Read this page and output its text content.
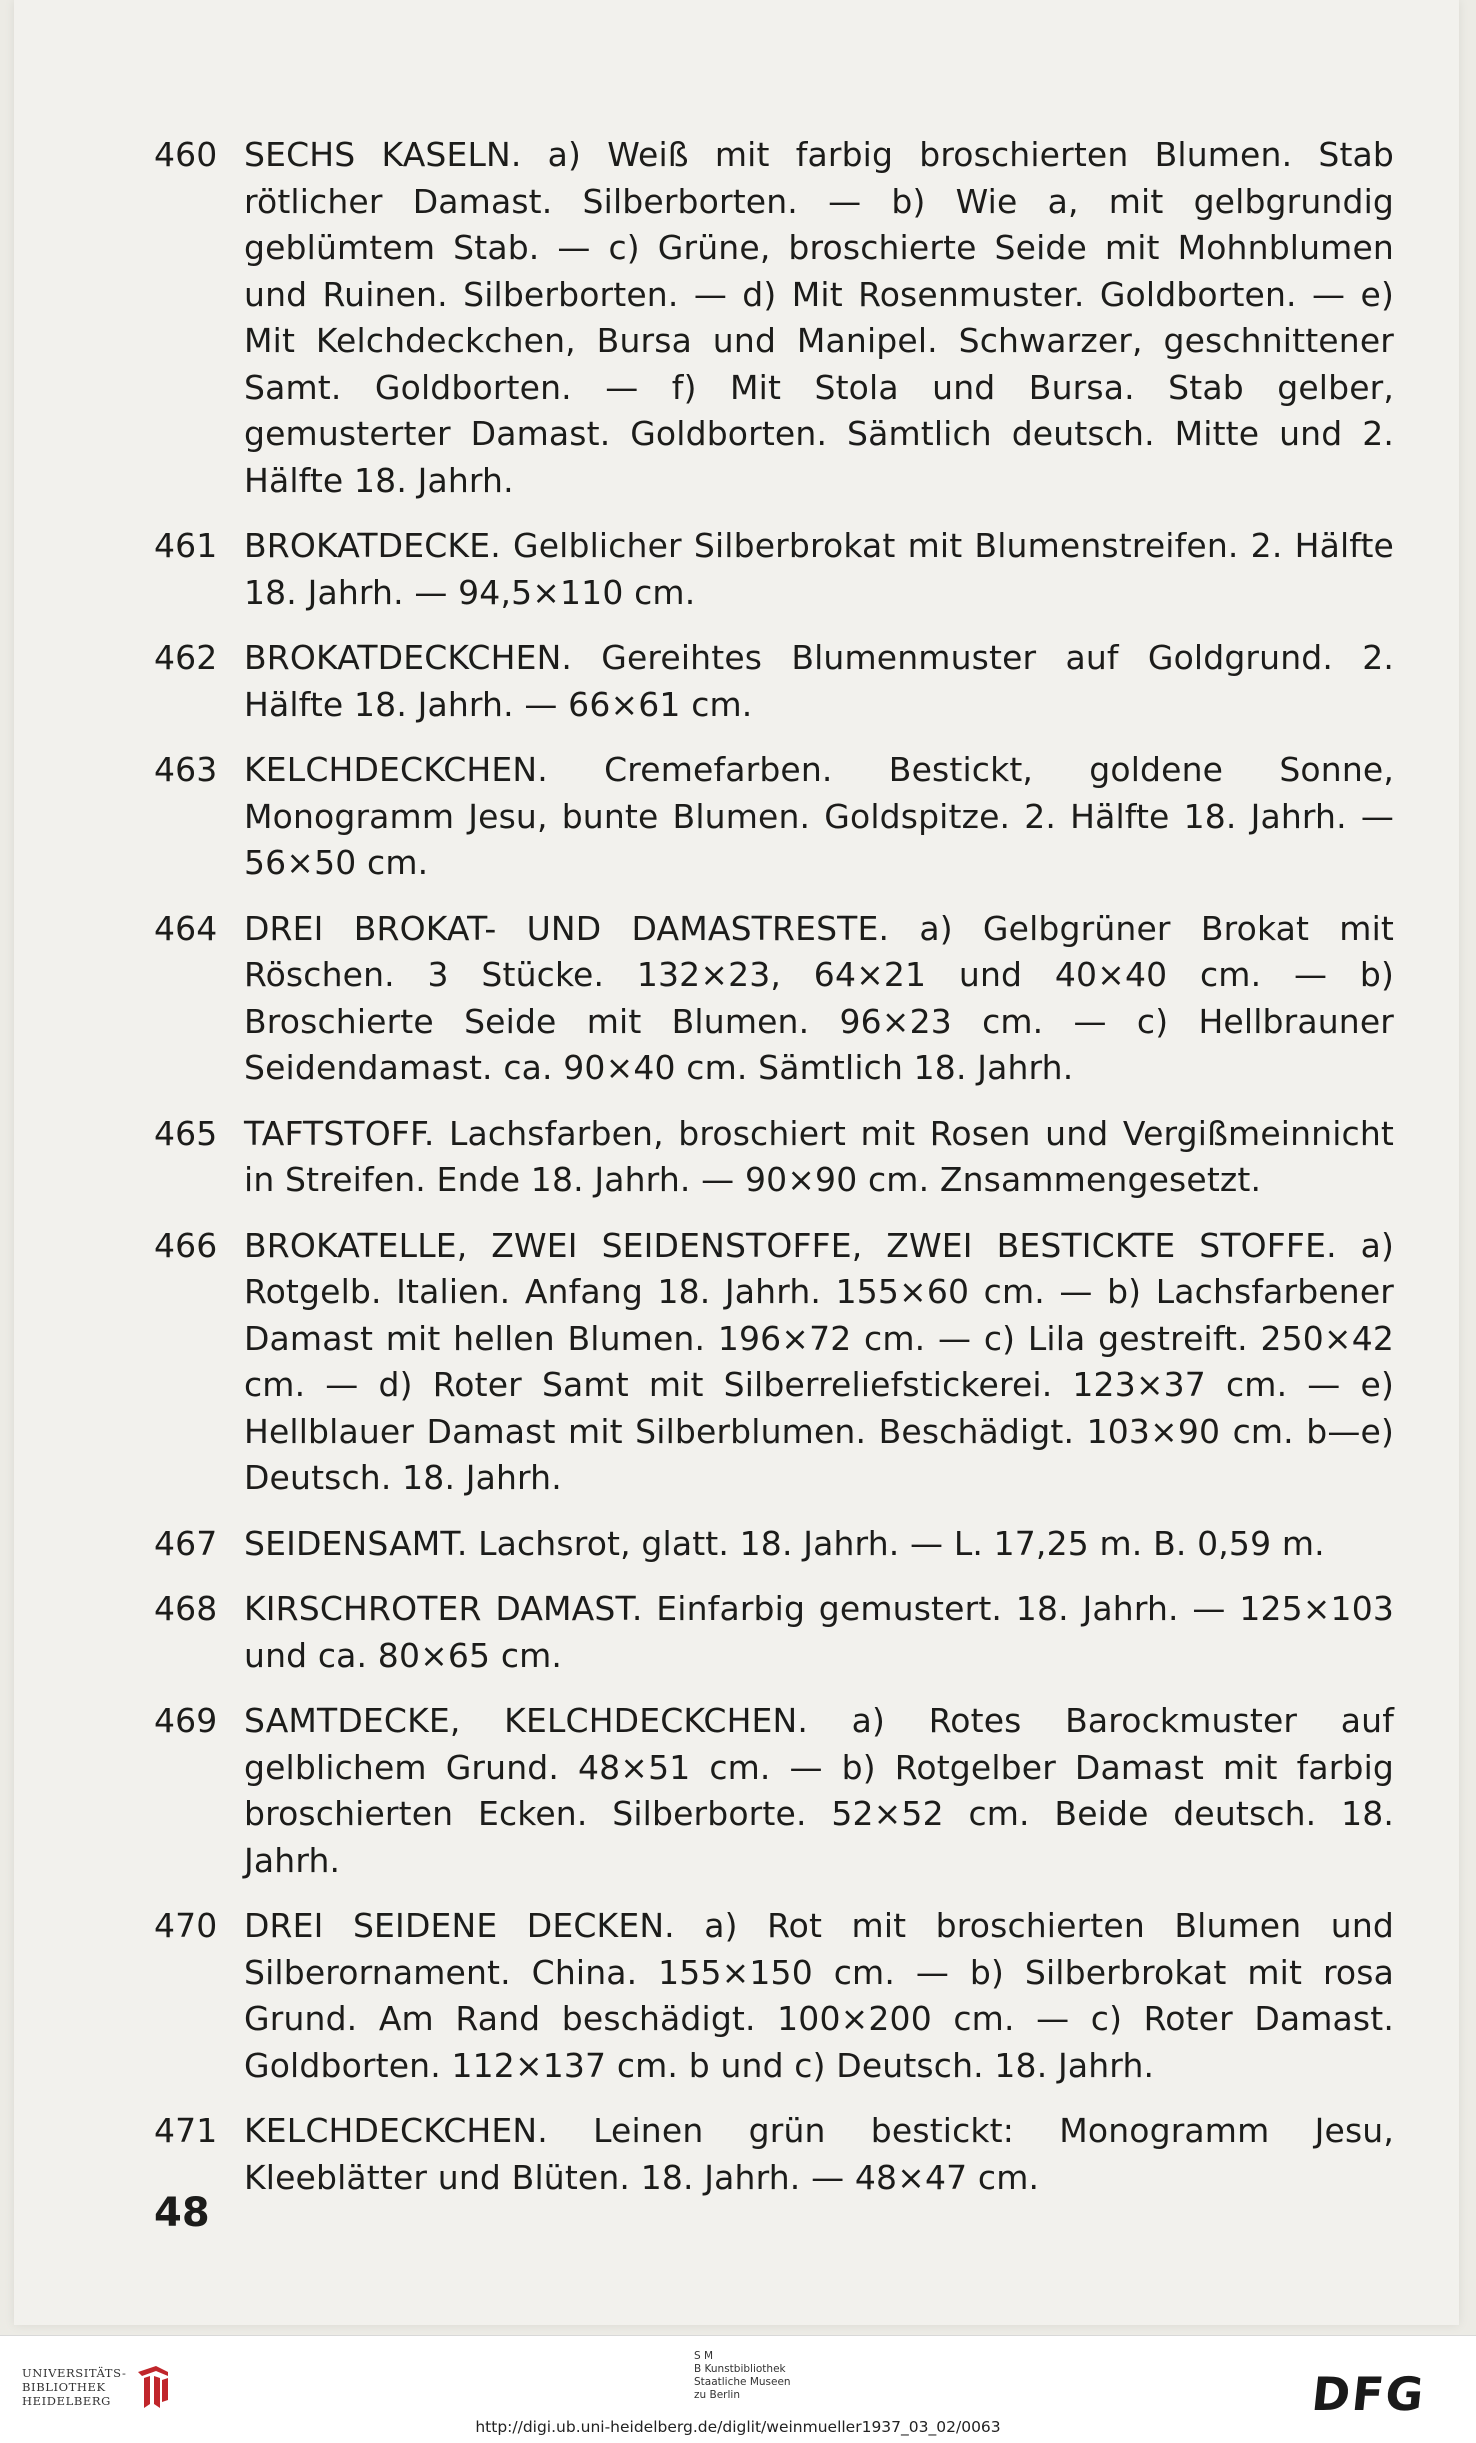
460 SECHS KASELN. a) Weiß mit farbig broschierten Blumen. Stab rötlicher Damast. Silberborten. — b) Wie a, mit gelbgrundig geblümtem Stab. — c) Grüne, broschierte Seide mit Mohnblumen und Ruinen. Silberborten. — d) Mit Rosenmuster. Goldborten. — e) Mit Kelchdeckchen, Bursa und Manipel. Schwarzer, geschnittener Samt. Goldborten. — f) Mit Stola und Bursa. Stab gelber, gemusterter Damast. Goldborten. Sämtlich deutsch. Mitte und 2. Hälfte 18. Jahrh.
461 BROKATDECKE. Gelblicher Silberbrokat mit Blumenstreifen. 2. Hälfte 18. Jahrh. — 94,5×110 cm.
462 BROKATDECKCHEN. Gereihtes Blumenmuster auf Goldgrund. 2. Hälfte 18. Jahrh. — 66×61 cm.
463 KELCHDECKCHEN. Cremefarben. Bestickt, goldene Sonne, Monogramm Jesu, bunte Blumen. Goldspitze. 2. Hälfte 18. Jahrh. — 56×50 cm.
464 DREI BROKAT- UND DAMASTRESTE. a) Gelbgrüner Brokat mit Röschen. 3 Stücke. 132×23, 64×21 und 40×40 cm. — b) Broschierte Seide mit Blumen. 96×23 cm. — c) Hellbrauner Seidendamast. ca. 90×40 cm. Sämtlich 18. Jahrh.
465 TAFTSTOFF. Lachsfarben, broschiert mit Rosen und Vergißmeinnicht in Streifen. Ende 18. Jahrh. — 90×90 cm. Znsammengesetzt.
466 BROKATELLE, ZWEI SEIDENSTOFFE, ZWEI BESTICKTE STOFFE. a) Rotgelb. Italien. Anfang 18. Jahrh. 155×60 cm. — b) Lachsfarbener Damast mit hellen Blumen. 196×72 cm. — c) Lila gestreift. 250×42 cm. — d) Roter Samt mit Silberreliefstickerei. 123×37 cm. — e) Hellblauer Damast mit Silberblumen. Beschädigt. 103×90 cm. b—e) Deutsch. 18. Jahrh.
467 SEIDENSAMT. Lachsrot, glatt. 18. Jahrh. — L. 17,25 m. B. 0,59 m.
468 KIRSCHROTER DAMAST. Einfarbig gemustert. 18. Jahrh. — 125×103 und ca. 80×65 cm.
469 SAMTDECKE, KELCHDECKCHEN. a) Rotes Barockmuster auf gelblichem Grund. 48×51 cm. — b) Rotgelber Damast mit farbig broschierten Ecken. Silberborte. 52×52 cm. Beide deutsch. 18. Jahrh.
470 DREI SEIDENE DECKEN. a) Rot mit broschierten Blumen und Silberornament. China. 155×150 cm. — b) Silberbrokat mit rosa Grund. Am Rand beschädigt. 100×200 cm. — c) Roter Damast. Goldborten. 112×137 cm. b und c) Deutsch. 18. Jahrh.
471 KELCHDECKCHEN. Leinen grün bestickt: Monogramm Jesu, Kleeblätter und Blüten. 18. Jahrh. — 48×47 cm.
48
UNIVERSITÄTS-
BIBLIOTHEK
HEIDELBERG
S M
B Kunstbibliothek
Staatliche Museen
zu Berlin	DFG
http://digi.ub.uni-heidelberg.de/diglit/weinmueller1937_03_02/0063
